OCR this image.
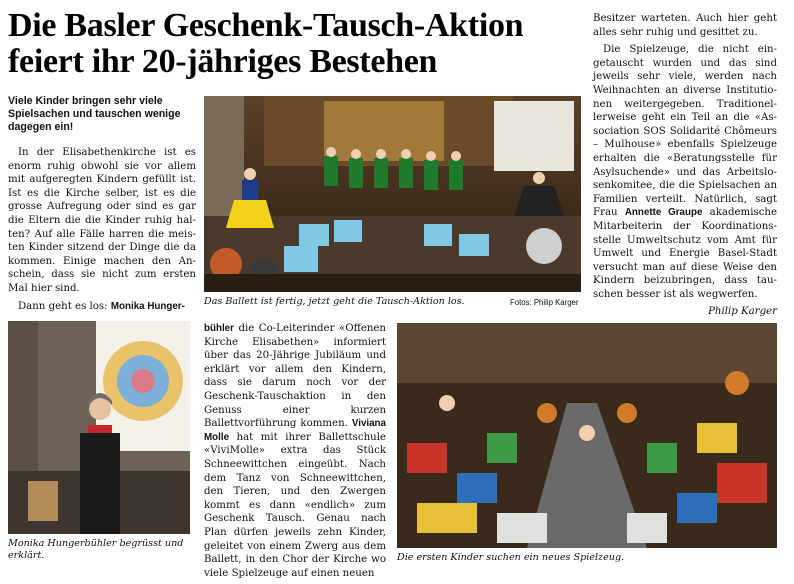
Die Basler Geschenk-Tausch-Aktion
feiert ihr 20-jähriges Bestehen
Viele Kinder bringen sehr viele Spielsachen und tauschen wenige dagegen ein!

In der Elisabethenkirche ist es enorm ruhig obwohl sie vor allem mit aufgeregten Kindern gefüllt ist. Ist es die Kirche selber, ist es die grosse Aufregung oder sind es gar die Eltern die die Kinder ruhig halten? Auf alle Fälle harren die meisten Kinder sitzend der Dinge die da kommen. Einige machen den Anschein, dass sie nicht zum ersten Mal hier sind.

Dann geht es los: Monika Hunger-	Das Ballett ist fertig, jetzt geht die Tausch-Aktion los.	Fotos: Philip Karger

Besitzer warteten. Auch hier geht alles sehr ruhig und gesittet zu.

Die Spielzeuge, die nicht eingetauscht wurden und das sind jeweils sehr viele, werden nach Weihnachten an diverse Institutionen weitergegeben. Traditionellerweise geht ein Teil an die «Association SOS Solidarité Chômeurs – Mulhouse» ebenfalls Spielzeuge erhalten die «Beratungsstelle für Asylsuchende» und das Arbeitslosenkomitee, die die Spielsachen an Familien verteilt. Natürlich, sagt Frau Annette Graupe akademische Mitarbeiterin der Koordinationsstelle Umweltschutz vom Amt für Umwelt und Energie Basel-Stadt versucht man auf diese Weise den Kindern beizubringen, dass tauschen besser ist als wegwerfen.

Philip Karger
Monika Hungerbühler begrüsst und erklärt.

bühler die Co-Leiterinder «Offenen Kirche Elisabethen» informiert über das 20-Jährige Jubiläum und erklärt vor allem den Kindern, dass sie darum noch vor der Geschenk-Tauschaktion in den Genuss einer kurzen Ballettvorführung kommen. Viviana Molle hat mit ihrer Ballettschule «ViviMolle» extra das Stück Schneewittchen eingeübt. Nach dem Tanz von Schneewittchen, den Tieren, und den Zwergen kommt es dann «endlich» zum Geschenk Tausch. Genau nach Plan dürfen jeweils zehn Kinder, geleitet von einem Zwerg aus dem Ballett, in den Chor der Kirche wo viele Spielzeuge auf einen neuen

Die ersten Kinder suchen ein neues Spielzeug.
